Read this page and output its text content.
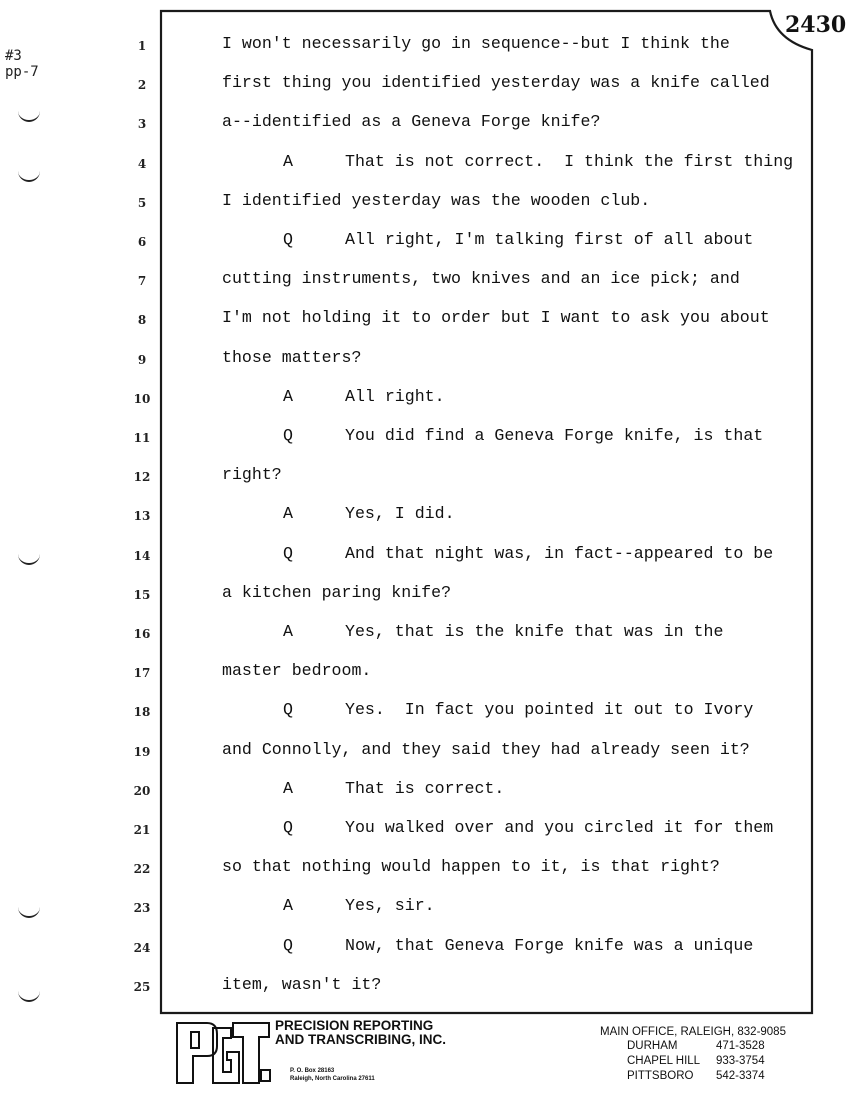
#3
pp-7
2430
1	I won't necessarily go in sequence--but I think the
2	first thing you identified yesterday was a knife called
3	a--identified as a Geneva Forge knife?
4	A	That is not correct.  I think the first thing
5	I identified yesterday was the wooden club.
6	Q	All right, I'm talking first of all about
7	cutting instruments, two knives and an ice pick; and
8	I'm not holding it to order but I want to ask you about
9	those matters?
10	A	All right.
11	Q	You did find a Geneva Forge knife, is that
12	right?
13	A	Yes, I did.
14	Q	And that night was, in fact--appeared to be
15	a kitchen paring knife?
16	A	Yes, that is the knife that was in the
17	master bedroom.
18	Q	Yes.  In fact you pointed it out to Ivory
19	and Connolly, and they said they had already seen it?
20	A	That is correct.
21	Q	You walked over and you circled it for them
22	so that nothing would happen to it, is that right?
23	A	Yes, sir.
24	Q	Now, that Geneva Forge knife was a unique
25	item, wasn't it?
PRECISION REPORTING
AND TRANSCRIBING, INC.
P. O. Box 28163
Raleigh, North Carolina 27611
MAIN OFFICE, RALEIGH, 832-9085
DURHAM	471-3528
CHAPEL HILL	933-3754
PITTSBORO	542-3374
